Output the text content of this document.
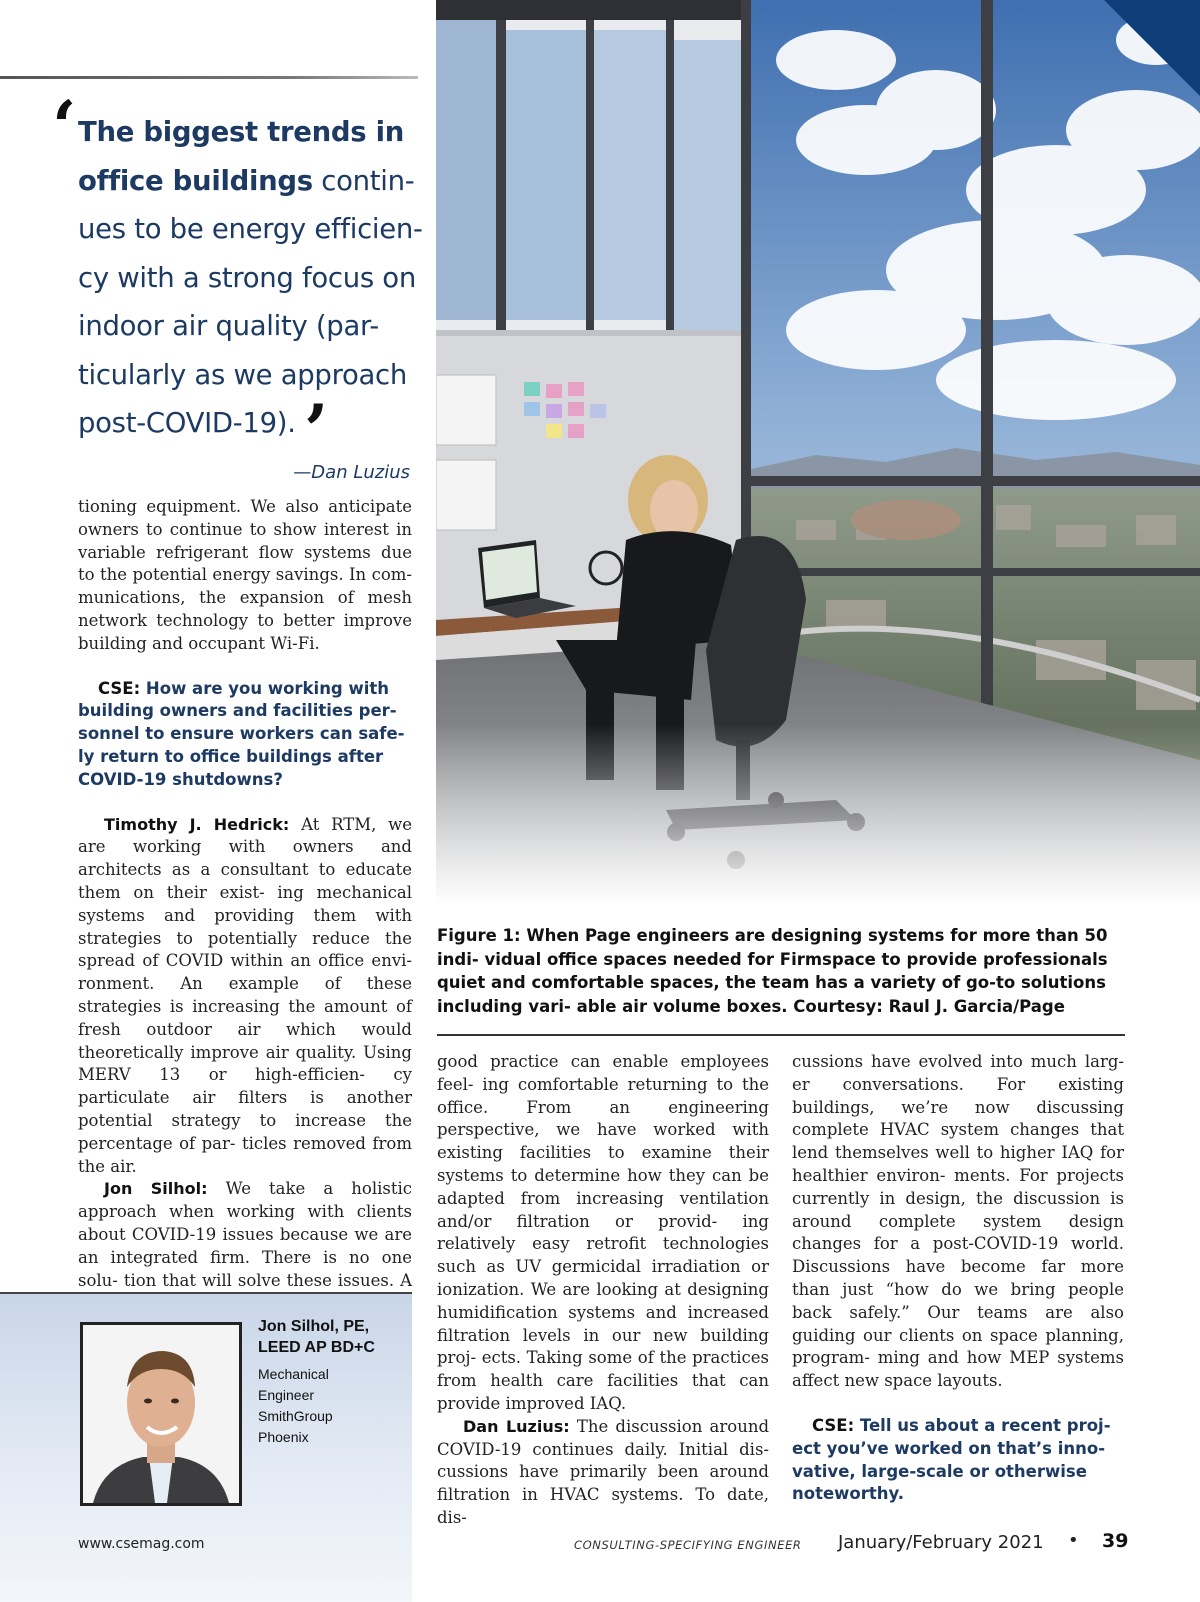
‘ The biggest trends in office buildings contin- ues to be energy efficien- cy with a strong focus on indoor air quality (par- ticularly as we approach post-COVID-19). ’
—Dan Luzius

tioning equipment. We also anticipate owners to continue to show interest in variable refrigerant flow systems due to the potential energy savings. In com- munications, the expansion of mesh network technology to better improve building and occupant Wi-Fi.

CSE: How are you working with building owners and facilities per- sonnel to ensure workers can safe- ly return to office buildings after COVID-19 shutdowns?

Timothy J. Hedrick: At RTM, we are working with owners and architects as a consultant to educate them on their exist- ing mechanical systems and providing them with strategies to potentially reduce the spread of COVID within an office envi- ronment. An example of these strategies is increasing the amount of fresh outdoor air which would theoretically improve air quality. Using MERV 13 or high-efficien- cy particulate air filters is another potential strategy to increase the percentage of par- ticles removed from the air.

Jon Silhol: We take a holistic approach when working with clients about COVID-19 issues because we are an integrated firm. There is no one solu- tion that will solve these issues. A

Figure 1: When Page engineers are designing systems for more than 50 indi- vidual office spaces needed for Firmspace to provide professionals quiet and comfortable spaces, the team has a variety of go-to solutions including vari- able air volume boxes. Courtesy: Raul J. Garcia/Page

good practice can enable employees feel- ing comfortable returning to the office. From an engineering perspective, we have worked with existing facilities to examine their systems to determine how they can be adapted from increasing ventilation and/or filtration or provid- ing relatively easy retrofit technologies such as UV germicidal irradiation or ionization. We are looking at designing humidification systems and increased filtration levels in our new building proj- ects. Taking some of the practices from health care facilities that can provide improved IAQ.

Dan Luzius: The discussion around COVID-19 continues daily. Initial dis- cussions have primarily been around filtration in HVAC systems. To date, dis-

cussions have evolved into much larg- er conversations. For existing buildings, we’re now discussing complete HVAC system changes that lend themselves well to higher IAQ for healthier environ- ments. For projects currently in design, the discussion is around complete system design changes for a post-COVID-19 world. Discussions have become far more than just “how do we bring people back safely.” Our teams are also guiding our clients on space planning, program- ming and how MEP systems affect new space layouts.

CSE: Tell us about a recent proj- ect you’ve worked on that’s inno- vative, large-scale or otherwise noteworthy.

Jon Silhol, PE,
LEED AP BD+C
Mechanical
Engineer
SmithGroup
Phoenix
www.csemag.com	CONSULTING-SPECIFYING ENGINEER January/February 2021 • 39
